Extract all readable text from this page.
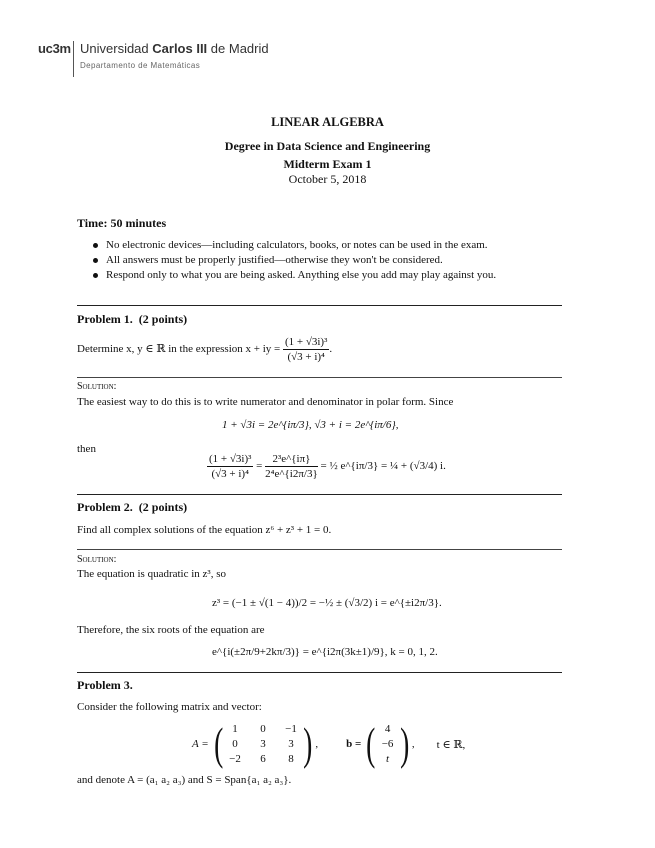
uc3m Universidad Carlos III de Madrid
Departamento de Matemáticas
LINEAR ALGEBRA
Degree in Data Science and Engineering
Midterm Exam 1
October 5, 2018
Time: 50 minutes
No electronic devices—including calculators, books, or notes can be used in the exam.
All answers must be properly justified—otherwise they won't be considered.
Respond only to what you are being asked. Anything else you add may play against you.
Problem 1. (2 points)
Determine x, y ∈ ℝ in the expression x + iy = $\frac{\text{(1 + √3i)³}}{\text{(√3 + i)⁴}}$ .
Solution:
The easiest way to do this is to write numerator and denominator in polar form. Since
1 + √3i = 2e^{iπ/3}, √3 + i = 2e^{iπ/6},
then
$\frac{\text{(1 + √3i)³}}{\text{(√3 + i)⁴}} = \frac{\text{2³e\textasciicircum{}\{iπ\}}}{\text{2⁴e\textasciicircum{}\{i2π/3\}}}$ = ½ e^{iπ/3} = ¼ + (√3/4) i.
Problem 2. (2 points)
Find all complex solutions of the equation z⁶ + z³ + 1 = 0.
Solution:
The equation is quadratic in z³, so
z³ = (−1 ± √(1 − 4))/2 = −½ ± (√3/2) i = e^{±i2π/3}.
Therefore, the six roots of the equation are
e^{i(±2π/9+2kπ/3)} = e^{i2π(3k±1)/9}, k = 0, 1, 2.
Problem 3.
Consider the following matrix and vector:
A = ( 1	0	−1
0	3	3
−2	6	8 ) ,	b = ( 4
−6
t ) , t ∈ ℝ,
and denote A = (a₁ a₂ a₃) and S = Span{a₁ a₂ a₃}.
